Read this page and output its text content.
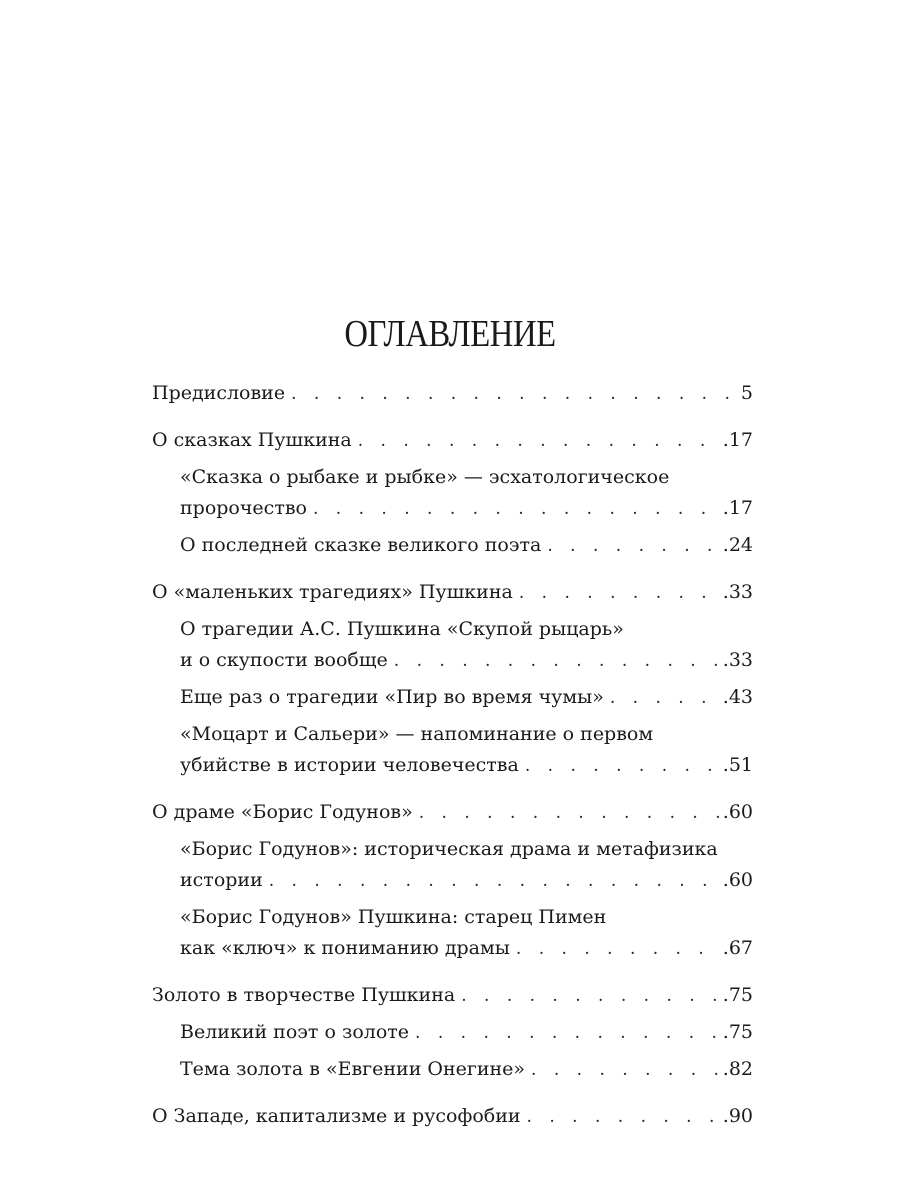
ОГЛАВЛЕНИЕ
Предисловие . . .	5
О сказках Пушкина . . .	.17
«Сказка о рыбаке и рыбке» — эсхатологическое
пророчество . . .	.17
О последней сказке великого поэта . . .	.24
О «маленьких трагедиях» Пушкина . . .	.33
О трагедии А.С. Пушкина «Скупой рыцарь»
и о скупости вообще . . .	.33
Еще раз о трагедии «Пир во время чумы» . . .	.43
«Моцарт и Сальери» — напоминание о первом
убийстве в истории человечества . . .	.51
О драме «Борис Годунов» . . .	.60
«Борис Годунов»: историческая драма и метафизика
истории . . .	.60
«Борис Годунов» Пушкина: старец Пимен
как «ключ» к пониманию драмы . . .	.67
Золото в творчестве Пушкина . . .	.75
Великий поэт о золоте . . .	.75
Тема золота в «Евгении Онегине» . . .	.82
О Западе, капитализме и русофобии . . .	.90
